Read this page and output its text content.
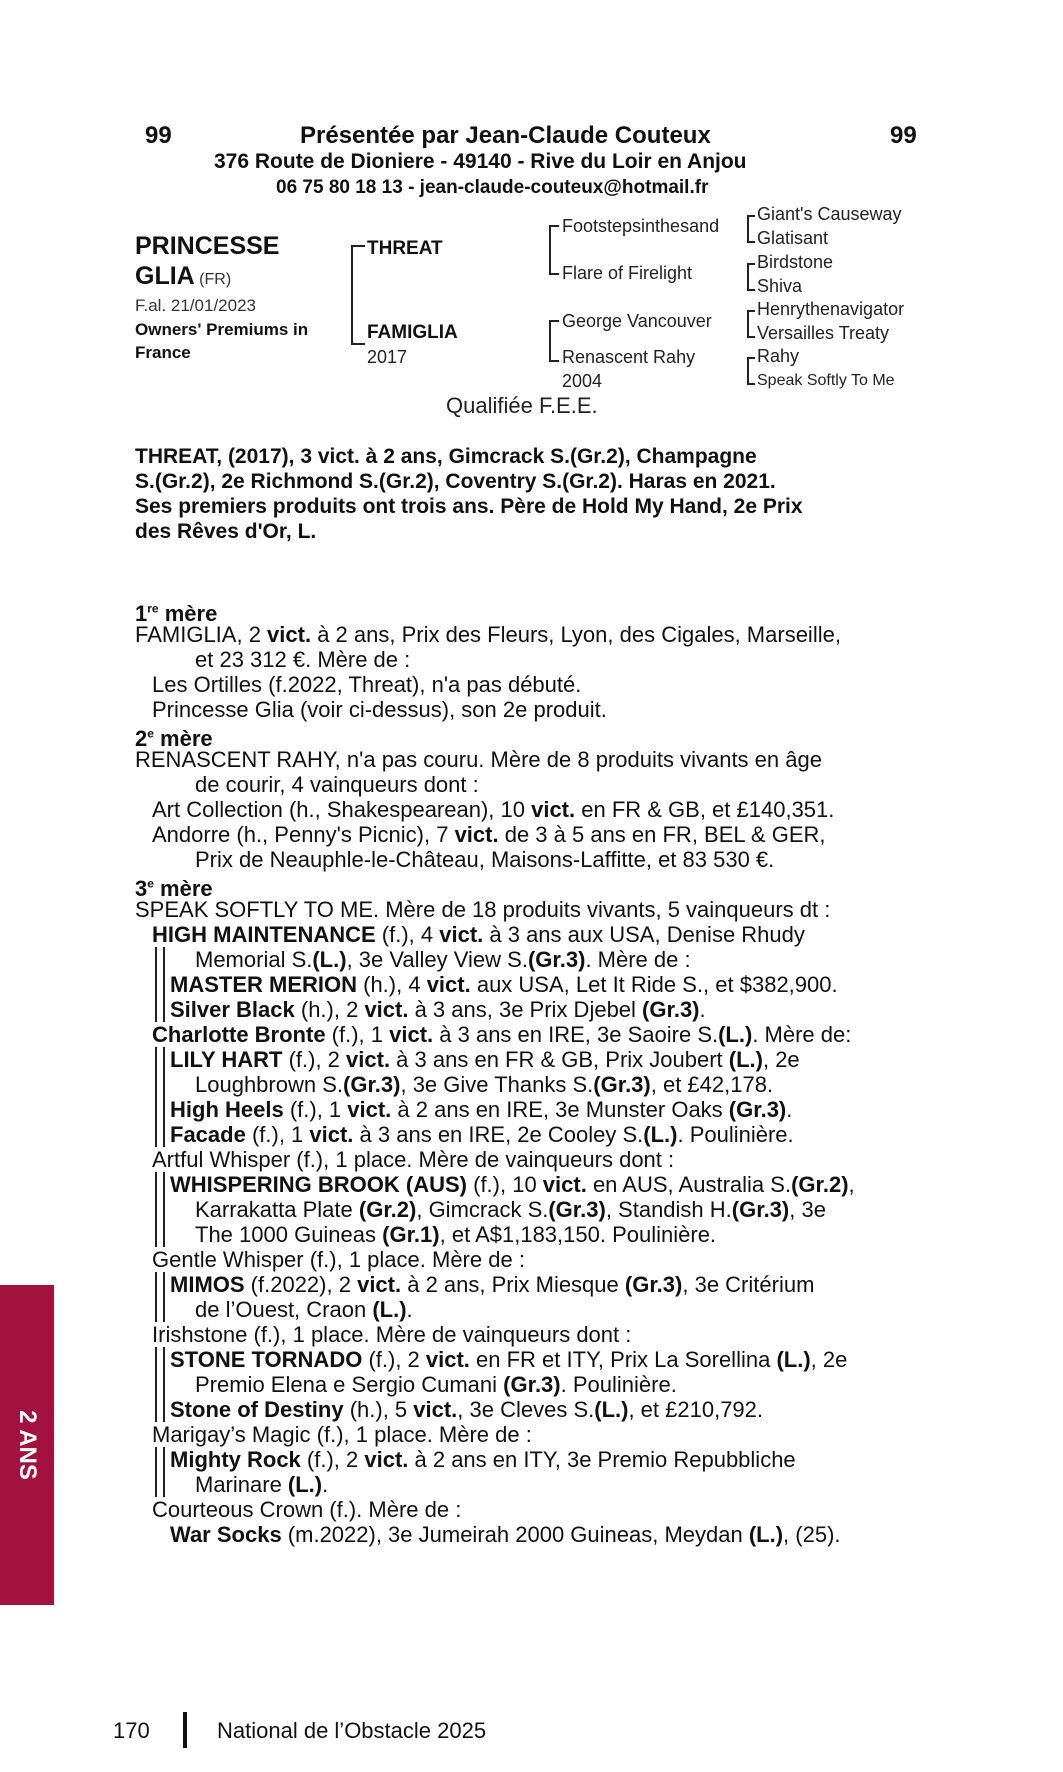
99	99
Présentée par Jean-Claude Couteux
376 Route de Dioniere - 49140 - Rive du Loir en Anjou
06 75 80 18 13 - jean-claude-couteux@hotmail.fr
PRINCESSE
GLIA (FR)
F.al. 21/01/2023
Owners' Premiums in
France
THREAT
FAMIGLIA
2017
Footstepsinthesand
Flare of Firelight
George Vancouver
Renascent Rahy
2004
Giant's Causeway
Glatisant
Birdstone
Shiva
Henrythenavigator
Versailles Treaty
Rahy
Speak Softly To Me
Qualifiée F.E.E.
THREAT, (2017), 3 vict. à 2 ans, Gimcrack S.(Gr.2), Champagne
S.(Gr.2), 2e Richmond S.(Gr.2), Coventry S.(Gr.2). Haras en 2021.
Ses premiers produits ont trois ans. Père de Hold My Hand, 2e Prix
des Rêves d'Or, L.
1re mère
FAMIGLIA, 2 vict. à 2 ans, Prix des Fleurs, Lyon, des Cigales, Marseille,
et 23 312 €. Mère de :
Les Ortilles (f.2022, Threat), n'a pas débuté.
Princesse Glia (voir ci-dessus), son 2e produit.
2e mère
RENASCENT RAHY, n'a pas couru. Mère de 8 produits vivants en âge
de courir, 4 vainqueurs dont :
Art Collection (h., Shakespearean), 10 vict. en FR & GB, et £140,351.
Andorre (h., Penny's Picnic), 7 vict. de 3 à 5 ans en FR, BEL & GER,
Prix de Neauphle-le-Château, Maisons-Laffitte, et 83 530 €.
3e mère
SPEAK SOFTLY TO ME. Mère de 18 produits vivants, 5 vainqueurs dt :
HIGH MAINTENANCE (f.), 4 vict. à 3 ans aux USA, Denise Rhudy
Memorial S.(L.), 3e Valley View S.(Gr.3). Mère de :
MASTER MERION (h.), 4 vict. aux USA, Let It Ride S., et $382,900.
Silver Black (h.), 2 vict. à 3 ans, 3e Prix Djebel (Gr.3).
Charlotte Bronte (f.), 1 vict. à 3 ans en IRE, 3e Saoire S.(L.). Mère de:
LILY HART (f.), 2 vict. à 3 ans en FR & GB, Prix Joubert (L.), 2e
Loughbrown S.(Gr.3), 3e Give Thanks S.(Gr.3), et £42,178.
High Heels (f.), 1 vict. à 2 ans en IRE, 3e Munster Oaks (Gr.3).
Facade (f.), 1 vict. à 3 ans en IRE, 2e Cooley S.(L.). Poulinière.
Artful Whisper (f.), 1 place. Mère de vainqueurs dont :
WHISPERING BROOK (AUS) (f.), 10 vict. en AUS, Australia S.(Gr.2),
Karrakatta Plate (Gr.2), Gimcrack S.(Gr.3), Standish H.(Gr.3), 3e
The 1000 Guineas (Gr.1), et A$1,183,150. Poulinière.
Gentle Whisper (f.), 1 place. Mère de :
MIMOS (f.2022), 2 vict. à 2 ans, Prix Miesque (Gr.3), 3e Critérium
de l’Ouest, Craon (L.).
Irishstone (f.), 1 place. Mère de vainqueurs dont :
STONE TORNADO (f.), 2 vict. en FR et ITY, Prix La Sorellina (L.), 2e
Premio Elena e Sergio Cumani (Gr.3). Poulinière.
Stone of Destiny (h.), 5 vict., 3e Cleves S.(L.), et £210,792.
Marigay’s Magic (f.), 1 place. Mère de :
Mighty Rock (f.), 2 vict. à 2 ans en ITY, 3e Premio Repubbliche
Marinare (L.).
Courteous Crown (f.). Mère de :
War Socks (m.2022), 3e Jumeirah 2000 Guineas, Meydan (L.), (25).
2 ANS
170	National de l’Obstacle 2025
